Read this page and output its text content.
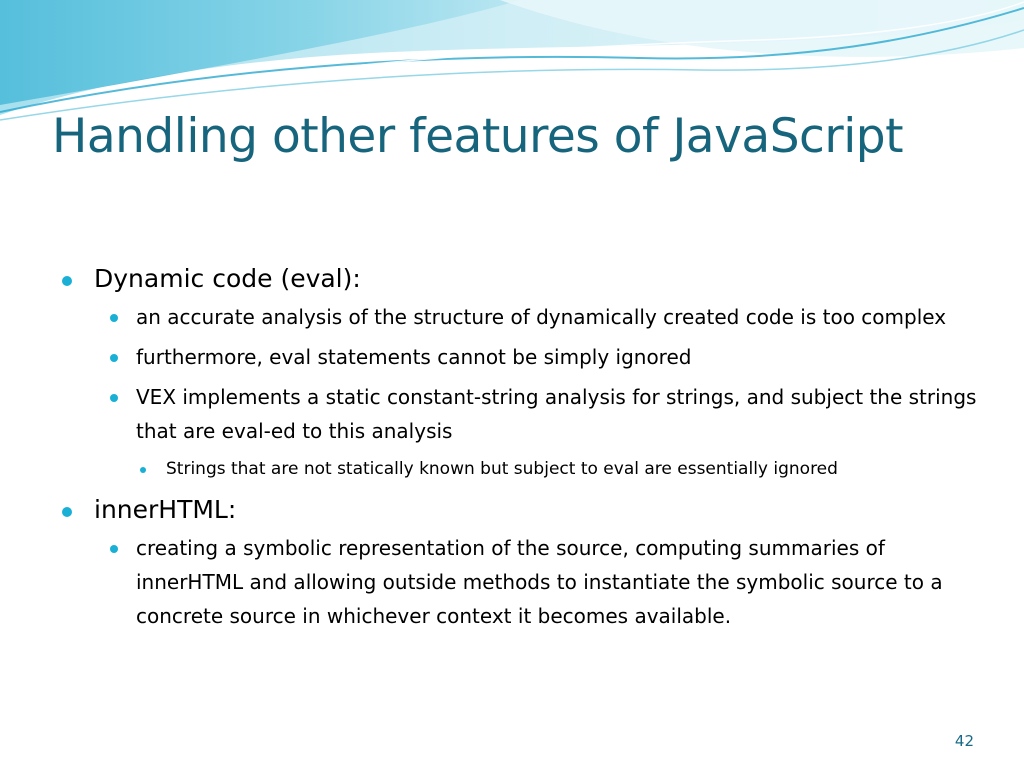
Handling other features of JavaScript
Dynamic code (eval):
an accurate analysis of the structure of dynamically created code is too complex
furthermore, eval statements cannot be simply ignored
VEX implements a static constant-string analysis for strings, and subject the strings that are eval-ed to this analysis
Strings that are not statically known but subject to eval are essentially ignored
innerHTML:
creating a symbolic representation of the source, computing summaries of innerHTML and allowing outside methods to instantiate the symbolic source to a concrete source in whichever context it becomes available.
42
